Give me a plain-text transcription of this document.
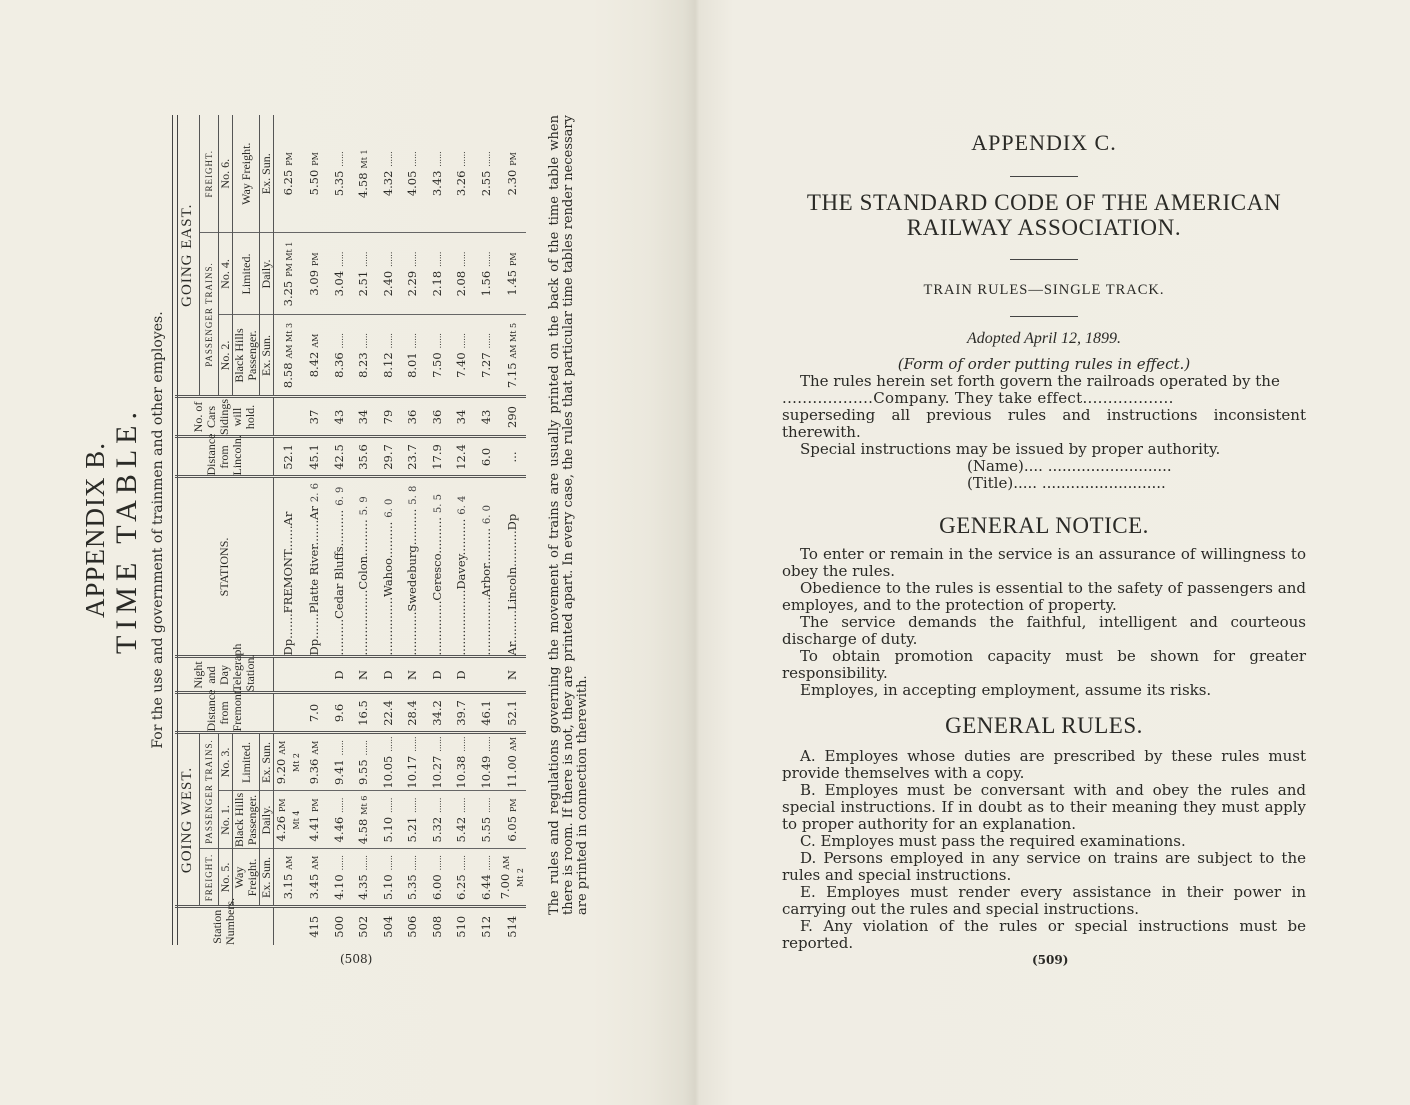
APPENDIX B. TIME TABLE. For the use and government of trainmen and other employes.
Station Numbers.	GOING WEST.			Distance from Fremont.	Night and Day Telegraph Station.	STATIONS.	Distance from Lincoln.	No. of Cars Sidings will hold.	GOING EAST.		
	FREIGHT.	PASSENGER TRAINS.							PASSENGER TRAINS.		FREIGHT.
	No. 5.	No. 1.	No. 3.						No. 2.	No. 4.	No. 6.
	Way Freight.	Black Hills Passenger.	Limited.						Black Hills Passenger.	Limited.	Way Freight.
	Ex. Sun.	Daily.	Ex. Sun.						Ex. Sun.	Daily.	Ex. Sun.
	3.15AM	4.26PM Mt 4	9.20AM Mt 2			Dp.......FREMONT.......Ar	52.1		8.58AM Mt 3	3.25PM Mt 1	6.25PM
415	3.45AM	4.41PM	9.36AM	7.0		Dp.......Platte River.......Ar2. 6	45.1	37	8.42AM	3.09PM	5.50PM
500	4.10......	4.46......	9.41......	9.6	D	..........Cedar Bluffs..........6. 9	42.5	43	8.36......	3.04......	5.35......
502	4.35......	4.58Mt 6	9.55......	16.5	N	..................Colon..........5. 9	35.6	34	8.23......	2.51......	4.58Mt 1
504	5.10......	5.10......	10.05......	22.4	D	................Wahoo..........6. 0	29.7	79	8.12......	2.40......	4.32......
506	5.35......	5.21......	10.17......	28.4	N	............Swedeburg..........5. 8	23.7	36	8.01......	2.29......	4.05......
508	6.00......	5.32......	10.27......	34.2	D	...............Ceresco..........5. 5	17.9	36	7.50......	2.18......	3.43......
510	6.25......	5.42......	10.38......	39.7	D	..................Davey..........6. 4	12.4	34	7.40......	2.08......	3.26......
512	6.44......	5.55......	10.49......	46.1		................Arbor..........6. 0	6.0	43	7.27......	1.56......	2.55......
514	7.00AM Mt 2	6.05PM	11.00AM	52.1	N	Ar.........Lincoln..........Dp	...	290	7.15AM Mt 5	1.45PM	2.30PM The rules and regulations governing the movement of trains are usually printed on the back of the time table when there is room. If there is not, they are printed apart. In every case, the rules that particular time tables render necessary are printed in connection therewith.
(508)
APPENDIX C.
THE STANDARD CODE OF THE AMERICAN
RAILWAY ASSOCIATION.
TRAIN RULES—SINGLE TRACK.
Adopted April 12, 1899.
(Form of order putting rules in effect.)

The rules herein set forth govern the railroads operated by the

..................Company. They take effect..................
superseding all previous rules and instructions inconsistent therewith.

Special instructions may be issued by proper authority.

(Name).... ..........................
(Title)..... ..........................
GENERAL NOTICE.

To enter or remain in the service is an assurance of willingness to obey the rules.

Obedience to the rules is essential to the safety of passengers and employes, and to the protection of property.

The service demands the faithful, intelligent and courteous discharge of duty.

To obtain promotion capacity must be shown for greater responsibility.

Employes, in accepting employment, assume its risks.

GENERAL RULES.

A. Employes whose duties are prescribed by these rules must provide themselves with a copy.

B. Employes must be conversant with and obey the rules and special instructions. If in doubt as to their meaning they must apply to proper authority for an explanation.

C. Employes must pass the required examinations.

D. Persons employed in any service on trains are subject to the rules and special instructions.

E. Employes must render every assistance in their power in carrying out the rules and special instructions.

F. Any violation of the rules or special instructions must be reported.

(509)
